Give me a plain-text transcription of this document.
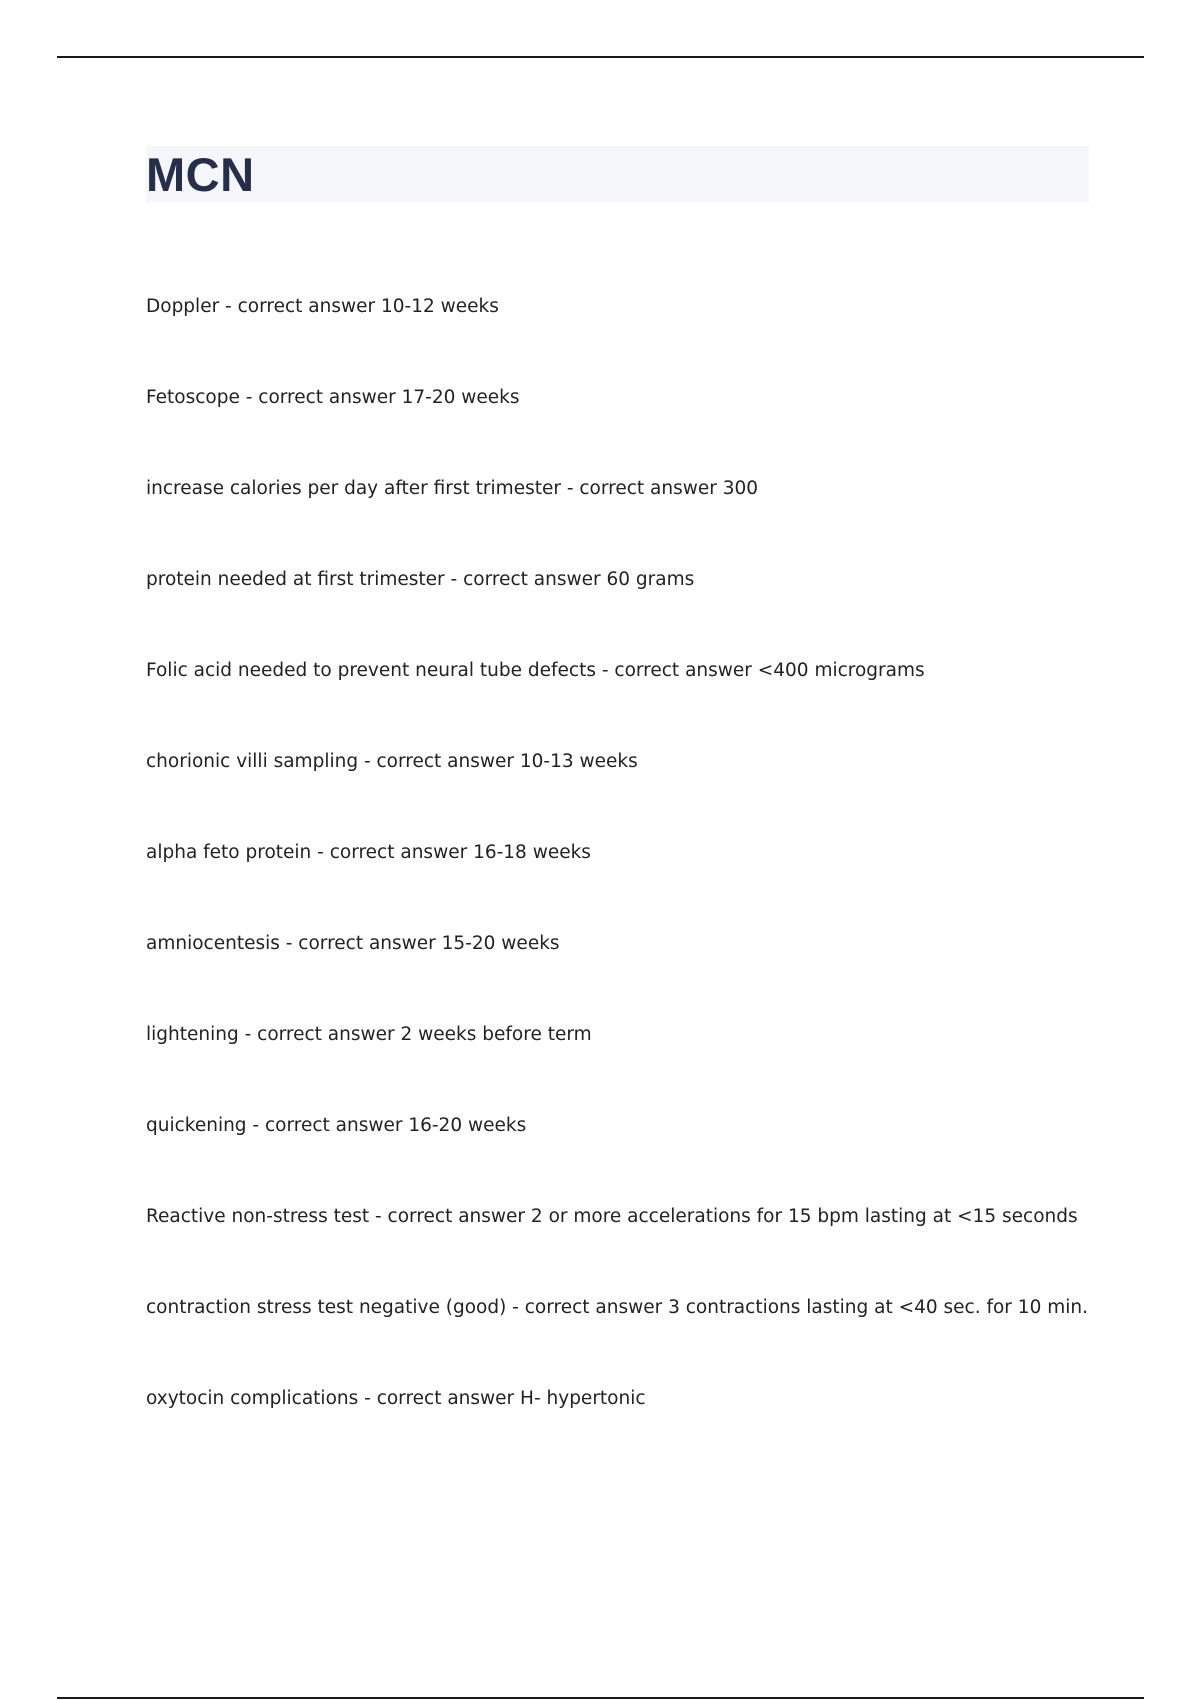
MCN
Doppler - correct answer 10-12 weeks
Fetoscope - correct answer 17-20 weeks
increase calories per day after first trimester - correct answer 300
protein needed at first trimester - correct answer 60 grams
Folic acid needed to prevent neural tube defects - correct answer <400 micrograms
chorionic villi sampling - correct answer 10-13 weeks
alpha feto protein - correct answer 16-18 weeks
amniocentesis - correct answer 15-20 weeks
lightening - correct answer 2 weeks before term
quickening - correct answer 16-20 weeks
Reactive non-stress test - correct answer 2 or more accelerations for 15 bpm lasting at <15 seconds
contraction stress test negative (good) - correct answer 3 contractions lasting at <40 sec. for 10 min.
oxytocin complications - correct answer H- hypertonic
